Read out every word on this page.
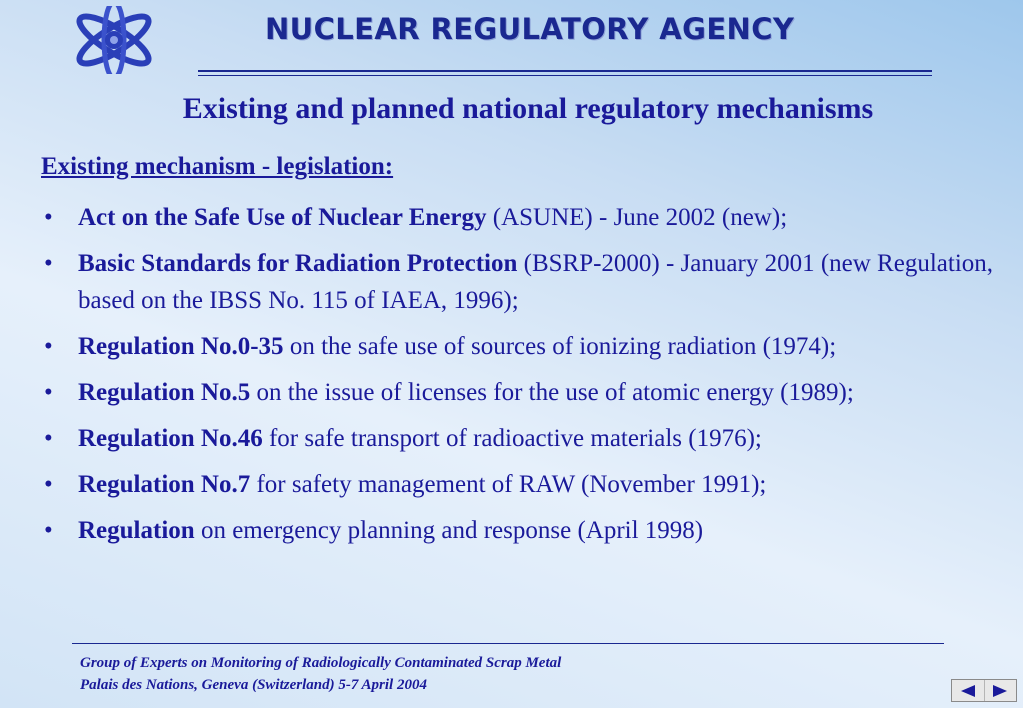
NUCLEAR REGULATORY AGENCY
Existing and planned national regulatory mechanisms
Existing mechanism - legislation:
• Act on the Safe Use of Nuclear Energy (ASUNE) - June 2002 (new);
• Basic Standards for Radiation Protection (BSRP-2000) - January 2001 (new Regulation, based on the IBSS No. 115 of IAEA, 1996);
• Regulation No.0-35 on the safe use of sources of ionizing radiation (1974);
• Regulation No.5 on the issue of licenses for the use of atomic energy (1989);
• Regulation No.46 for safe transport of radioactive materials (1976);
• Regulation No.7 for safety management of RAW (November 1991);
• Regulation on emergency planning and response (April 1998)
Group of Experts on Monitoring of Radiologically Contaminated Scrap Metal
Palais des Nations, Geneva (Switzerland) 5-7 April 2004
